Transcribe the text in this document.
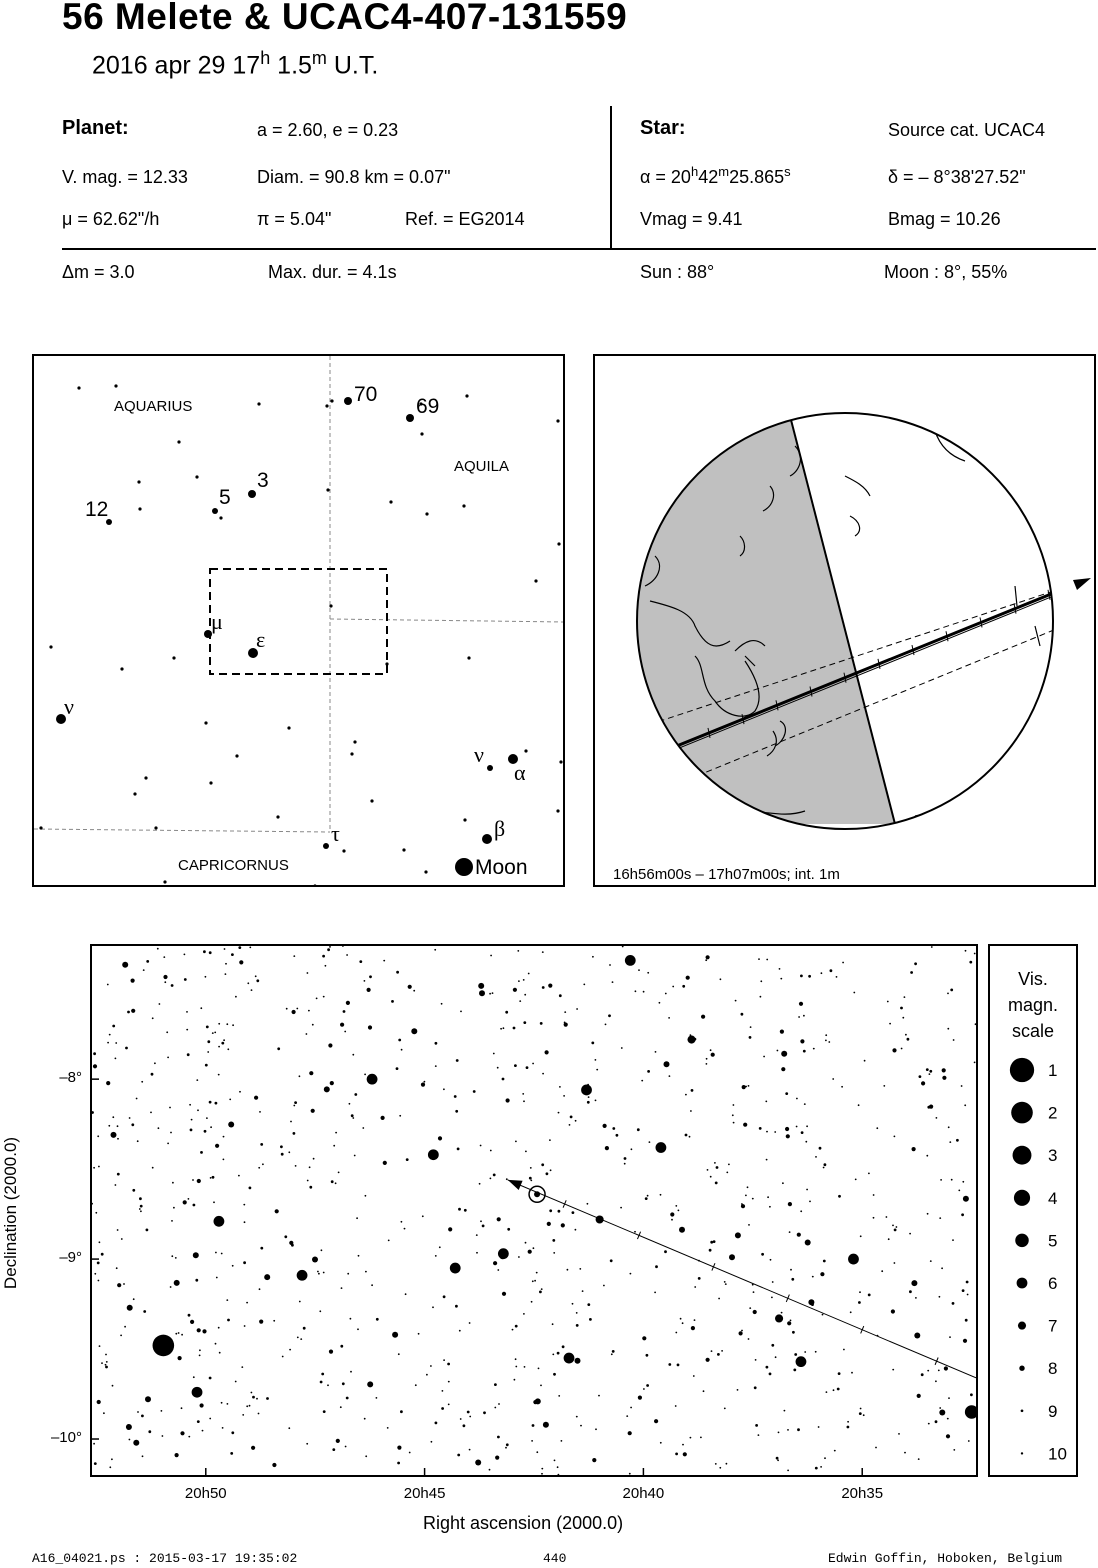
56 Melete & UCAC4-407-131559
2016 apr 29 17$^h$ 1.5$^m$ U.T.
Planet:	a = 2.60, e = 0.23
V. mag. = 12.33	Diam. = 90.8 km = 0.07"
μ = 62.62"/h	π = 5.04"	Ref. = EG2014
Star:	Source cat. UCAC4
$\alpha = 20^h42^m25.865^s$	δ = – 8°38'27.52"
Vmag = 9.41	Bmag = 10.26
Δm = 3.0	Max. dur. = 4.1s	Sun : 88°	Moon : 8°, 55%
AQUARIUS
AQUILA
CAPRICORNUS
70
69
3
5
12
μ
ε
ν
ν
α
β
τ
Moon	16h56m00s – 17h07m00s; int. 1m
20h50	20h45	20h40	20h35
–8°
–9°
–10°
Right ascension (2000.0)
Declination (2000.0)
Vis.
magn.
scale
1
2
3
4
5
6
7
8
9
10
A16_04021.ps : 2015-03-17 19:35:02	440	Edwin Goffin, Hoboken, Belgium
